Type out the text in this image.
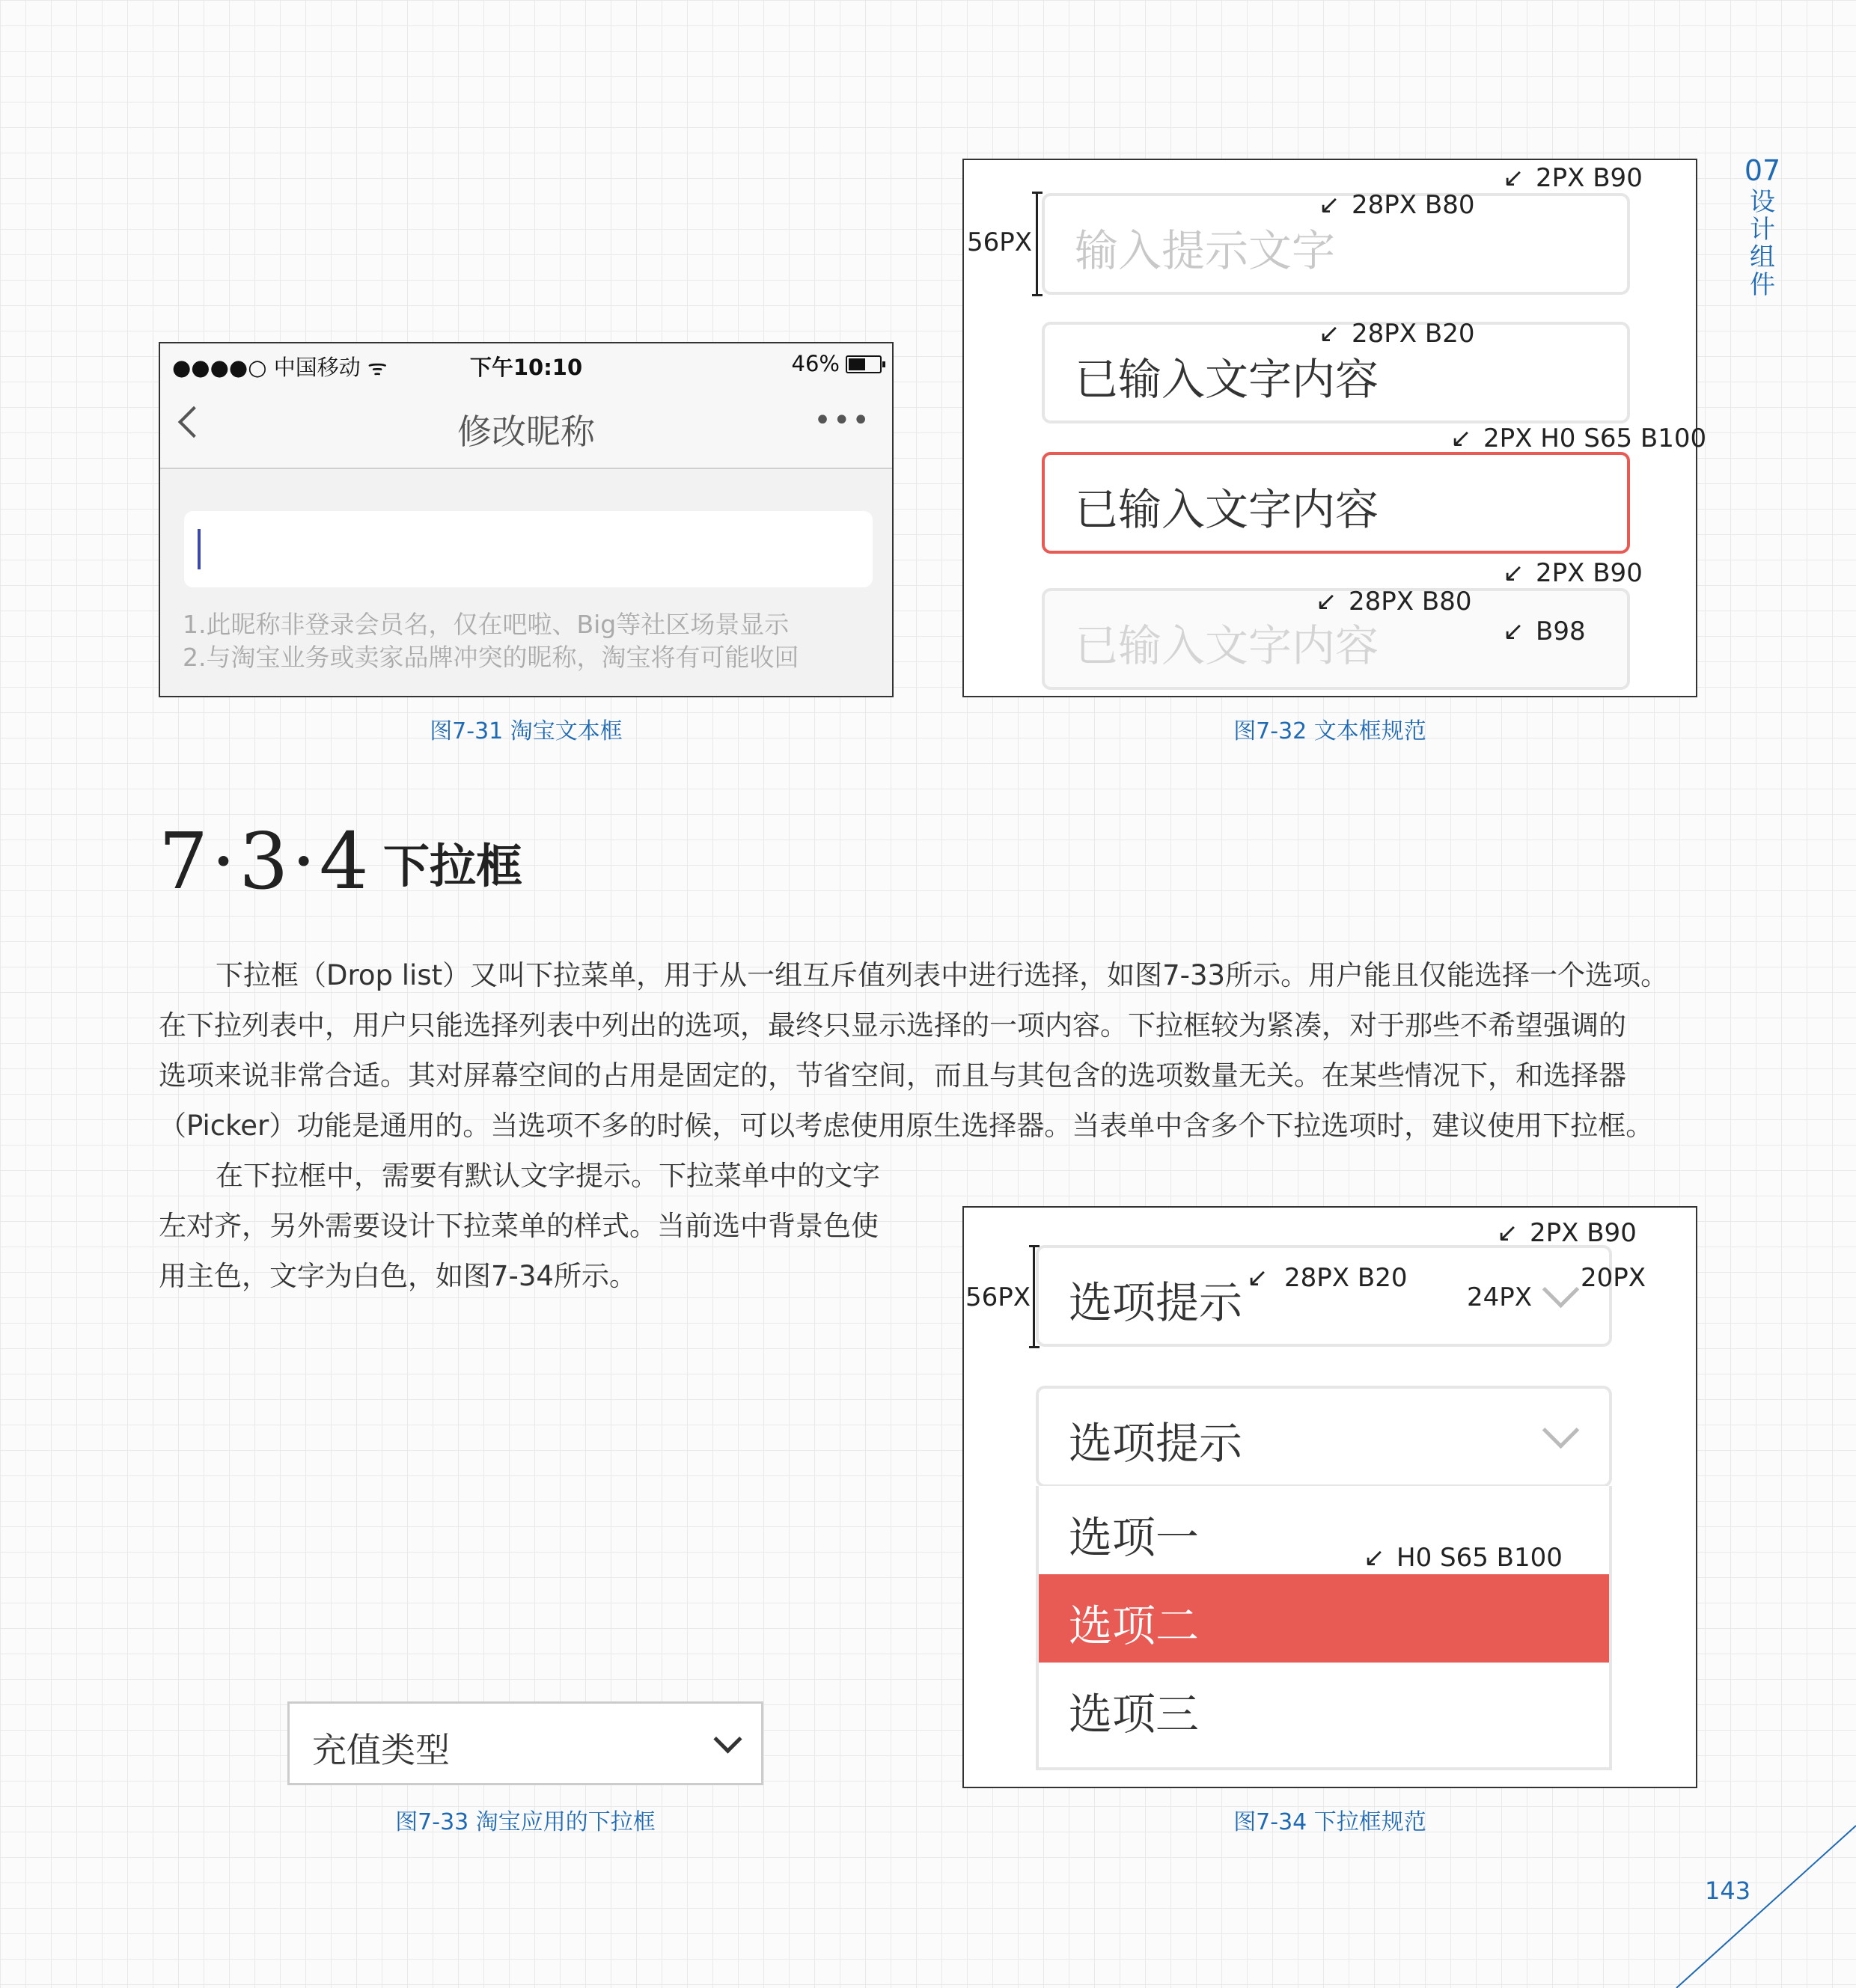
07
设计组件
●●●●○ 中国移动 ᯤ	下午10:10	46%
修改昵称	•••
1.此昵称非登录会员名，仅在吧啦、Big等社区场景显示
2.与淘宝业务或卖家品牌冲突的昵称，淘宝将有可能收回
图7-31 淘宝文本框
输入提示文字
已输入文字内容
已输入文字内容
已输入文字内容
56PX
↙ 2PX B90
↙ 28PX B80
↙ 28PX B20
↙ 2PX H0 S65 B100
↙ 2PX B90
↙ 28PX B80
↙ B98
图7-32 文本框规范
7·3·4 下拉框
下拉框（Drop list）又叫下拉菜单，用于从一组互斥值列表中进行选择，如图7-33所示。用户能且仅能选择一个选项。
在下拉列表中，用户只能选择列表中列出的选项，最终只显示选择的一项内容。下拉框较为紧凑，对于那些不希望强调的
选项来说非常合适。其对屏幕空间的占用是固定的，节省空间，而且与其包含的选项数量无关。在某些情况下，和选择器
（Picker）功能是通用的。当选项不多的时候，可以考虑使用原生选择器。当表单中含多个下拉选项时，建议使用下拉框。
在下拉框中，需要有默认文字提示。下拉菜单中的文字
左对齐，另外需要设计下拉菜单的样式。当前选中背景色使
用主色，文字为白色，如图7-34所示。
充值类型
图7-33 淘宝应用的下拉框
选项提示
选项提示
选项一
选项二
选项三
56PX
↙ 2PX B90
↙ 28PX B20
24PX
20PX
↙ H0 S65 B100
图7-34 下拉框规范
143
